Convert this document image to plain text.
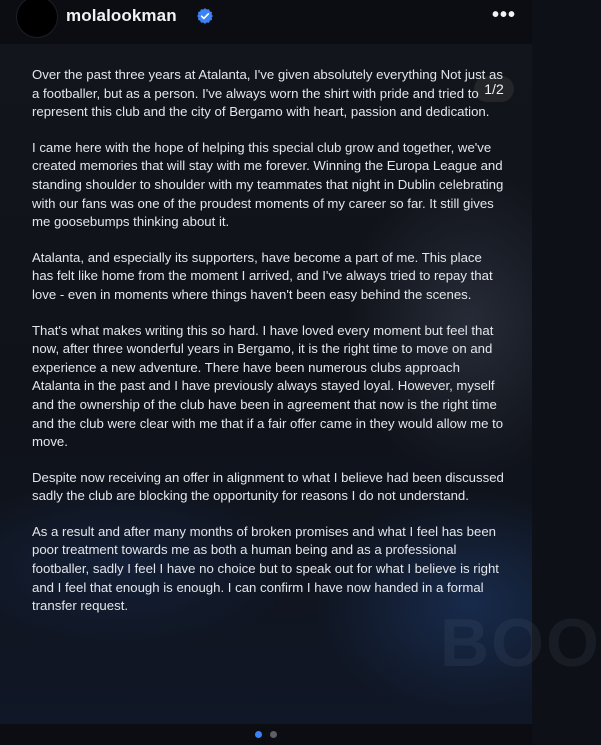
molalookman	•••
BOO
1/2

Over the past three years at Atalanta, I've given absolutely everything Not just as a footballer, but as a person. I've always worn the shirt with pride and tried to represent this club and the city of Bergamo with heart, passion and dedication.

I came here with the hope of helping this special club grow and together, we've created memories that will stay with me forever. Winning the Europa League and standing shoulder to shoulder with my teammates that night in Dublin celebrating with our fans was one of the proudest moments of my career so far. It still gives me goosebumps thinking about it.

Atalanta, and especially its supporters, have become a part of me. This place has felt like home from the moment I arrived, and I've always tried to repay that love - even in moments where things haven't been easy behind the scenes.

That's what makes writing this so hard. I have loved every moment but feel that now, after three wonderful years in Bergamo, it is the right time to move on and experience a new adventure. There have been numerous clubs approach Atalanta in the past and I have previously always stayed loyal. However, myself and the ownership of the club have been in agreement that now is the right time and the club were clear with me that if a fair offer came in they would allow me to move.

Despite now receiving an offer in alignment to what I believe had been discussed sadly the club are blocking the opportunity for reasons I do not understand.

As a result and after many months of broken promises and what I feel has been poor treatment towards me as both a human being and as a professional footballer, sadly I feel I have no choice but to speak out for what I believe is right and I feel that enough is enough. I can confirm I have now handed in a formal transfer request.
